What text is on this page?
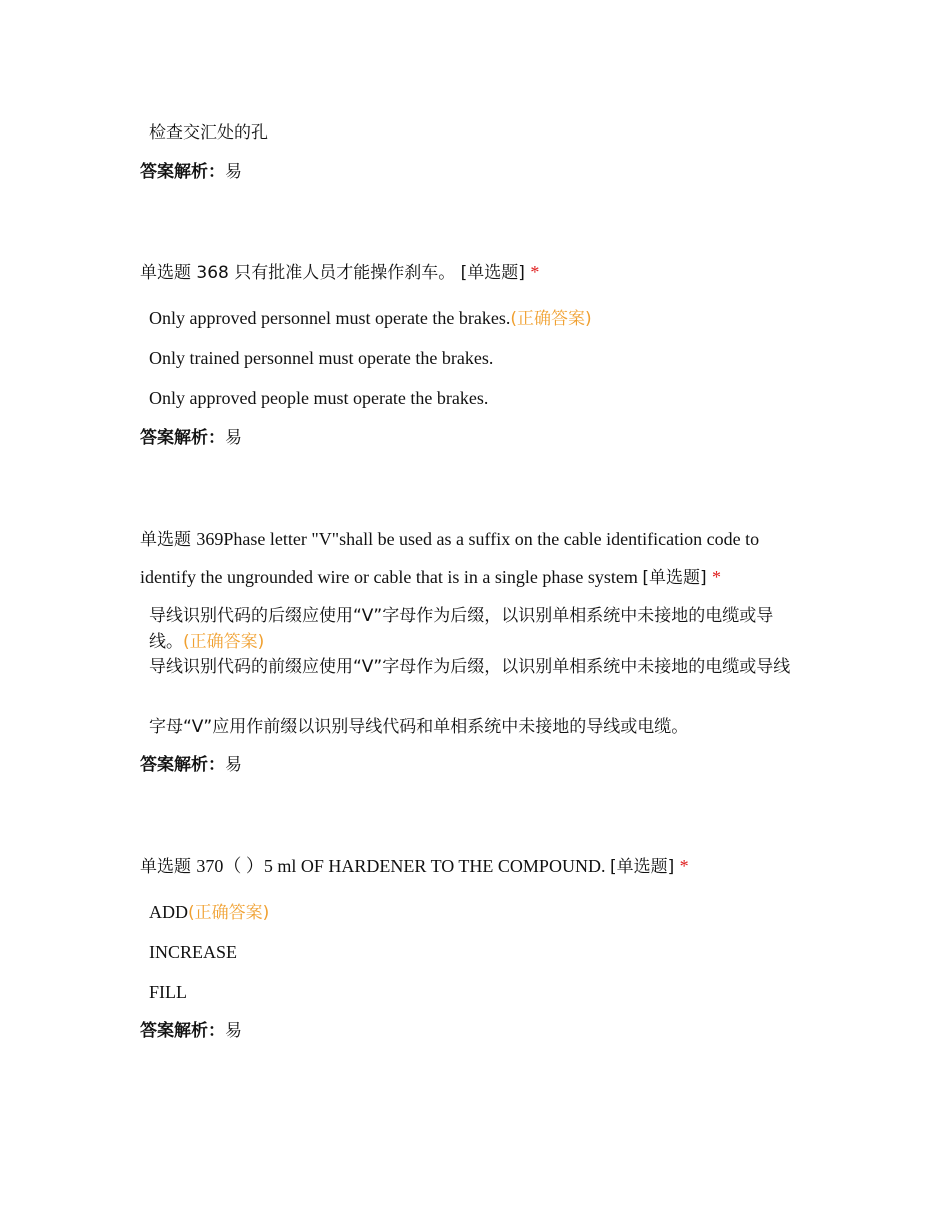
检查交汇处的孔
答案解析：易
单选题 368 只有批准人员才能操作刹车。 [单选题] *
Only approved personnel must operate the brakes.(正确答案)
Only trained personnel must operate the brakes.
Only approved people must operate the brakes.
答案解析：易
单选题 369Phase letter "V"shall be used as a suffix on the cable identification code to
identify the ungrounded wire or cable that is in a single phase system [单选题] *
导线识别代码的后缀应使用“V”字母作为后缀，以识别单相系统中未接地的电缆或导线。(正确答案)
导线识别代码的前缀应使用“V”字母作为后缀，以识别单相系统中未接地的电缆或导线
字母“V”应用作前缀以识别导线代码和单相系统中未接地的导线或电缆。
答案解析：易
单选题 370（ ）5 ml OF HARDENER TO THE COMPOUND. [单选题] *
ADD(正确答案)
INCREASE
FILL
答案解析：易
